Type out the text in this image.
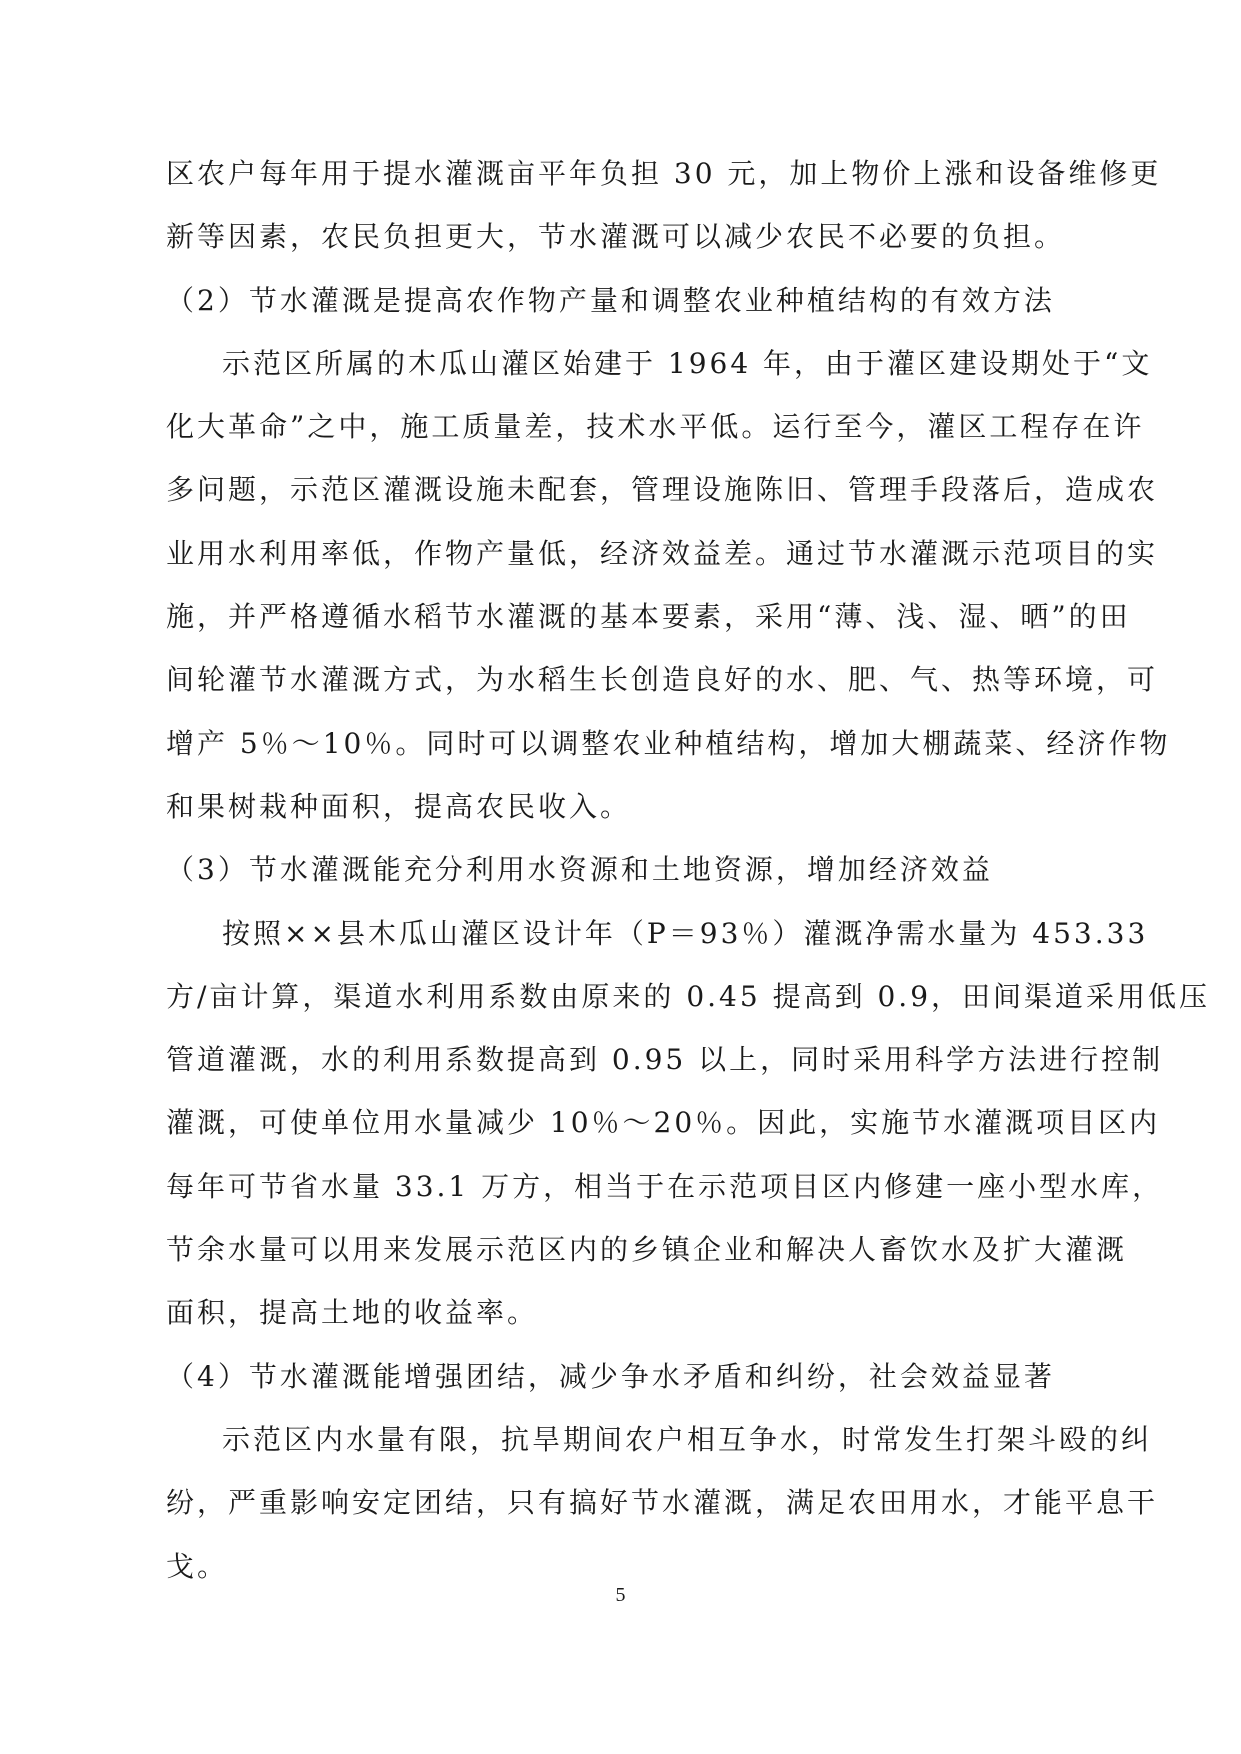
区农户每年用于提水灌溉亩平年负担 30 元，加上物价上涨和设备维修更
新等因素，农民负担更大，节水灌溉可以减少农民不必要的负担。
（2）节水灌溉是提高农作物产量和调整农业种植结构的有效方法
示范区所属的木瓜山灌区始建于 1964 年，由于灌区建设期处于“文
化大革命”之中，施工质量差，技术水平低。运行至今，灌区工程存在许
多问题，示范区灌溉设施未配套，管理设施陈旧、管理手段落后，造成农
业用水利用率低，作物产量低，经济效益差。通过节水灌溉示范项目的实
施，并严格遵循水稻节水灌溉的基本要素，采用“薄、浅、湿、晒”的田
间轮灌节水灌溉方式，为水稻生长创造良好的水、肥、气、热等环境，可
增产 5％～10％。同时可以调整农业种植结构，增加大棚蔬菜、经济作物
和果树栽种面积，提高农民收入。
（3）节水灌溉能充分利用水资源和土地资源，增加经济效益
按照××县木瓜山灌区设计年（P＝93％）灌溉净需水量为 453.33
方/亩计算，渠道水利用系数由原来的 0.45 提高到 0.9，田间渠道采用低压
管道灌溉，水的利用系数提高到 0.95 以上，同时采用科学方法进行控制
灌溉，可使单位用水量减少 10％～20％。因此，实施节水灌溉项目区内
每年可节省水量 33.1 万方，相当于在示范项目区内修建一座小型水库，
节余水量可以用来发展示范区内的乡镇企业和解决人畜饮水及扩大灌溉
面积，提高土地的收益率。
（4）节水灌溉能增强团结，减少争水矛盾和纠纷，社会效益显著
示范区内水量有限，抗旱期间农户相互争水，时常发生打架斗殴的纠
纷，严重影响安定团结，只有搞好节水灌溉，满足农田用水，才能平息干
戈。
5
